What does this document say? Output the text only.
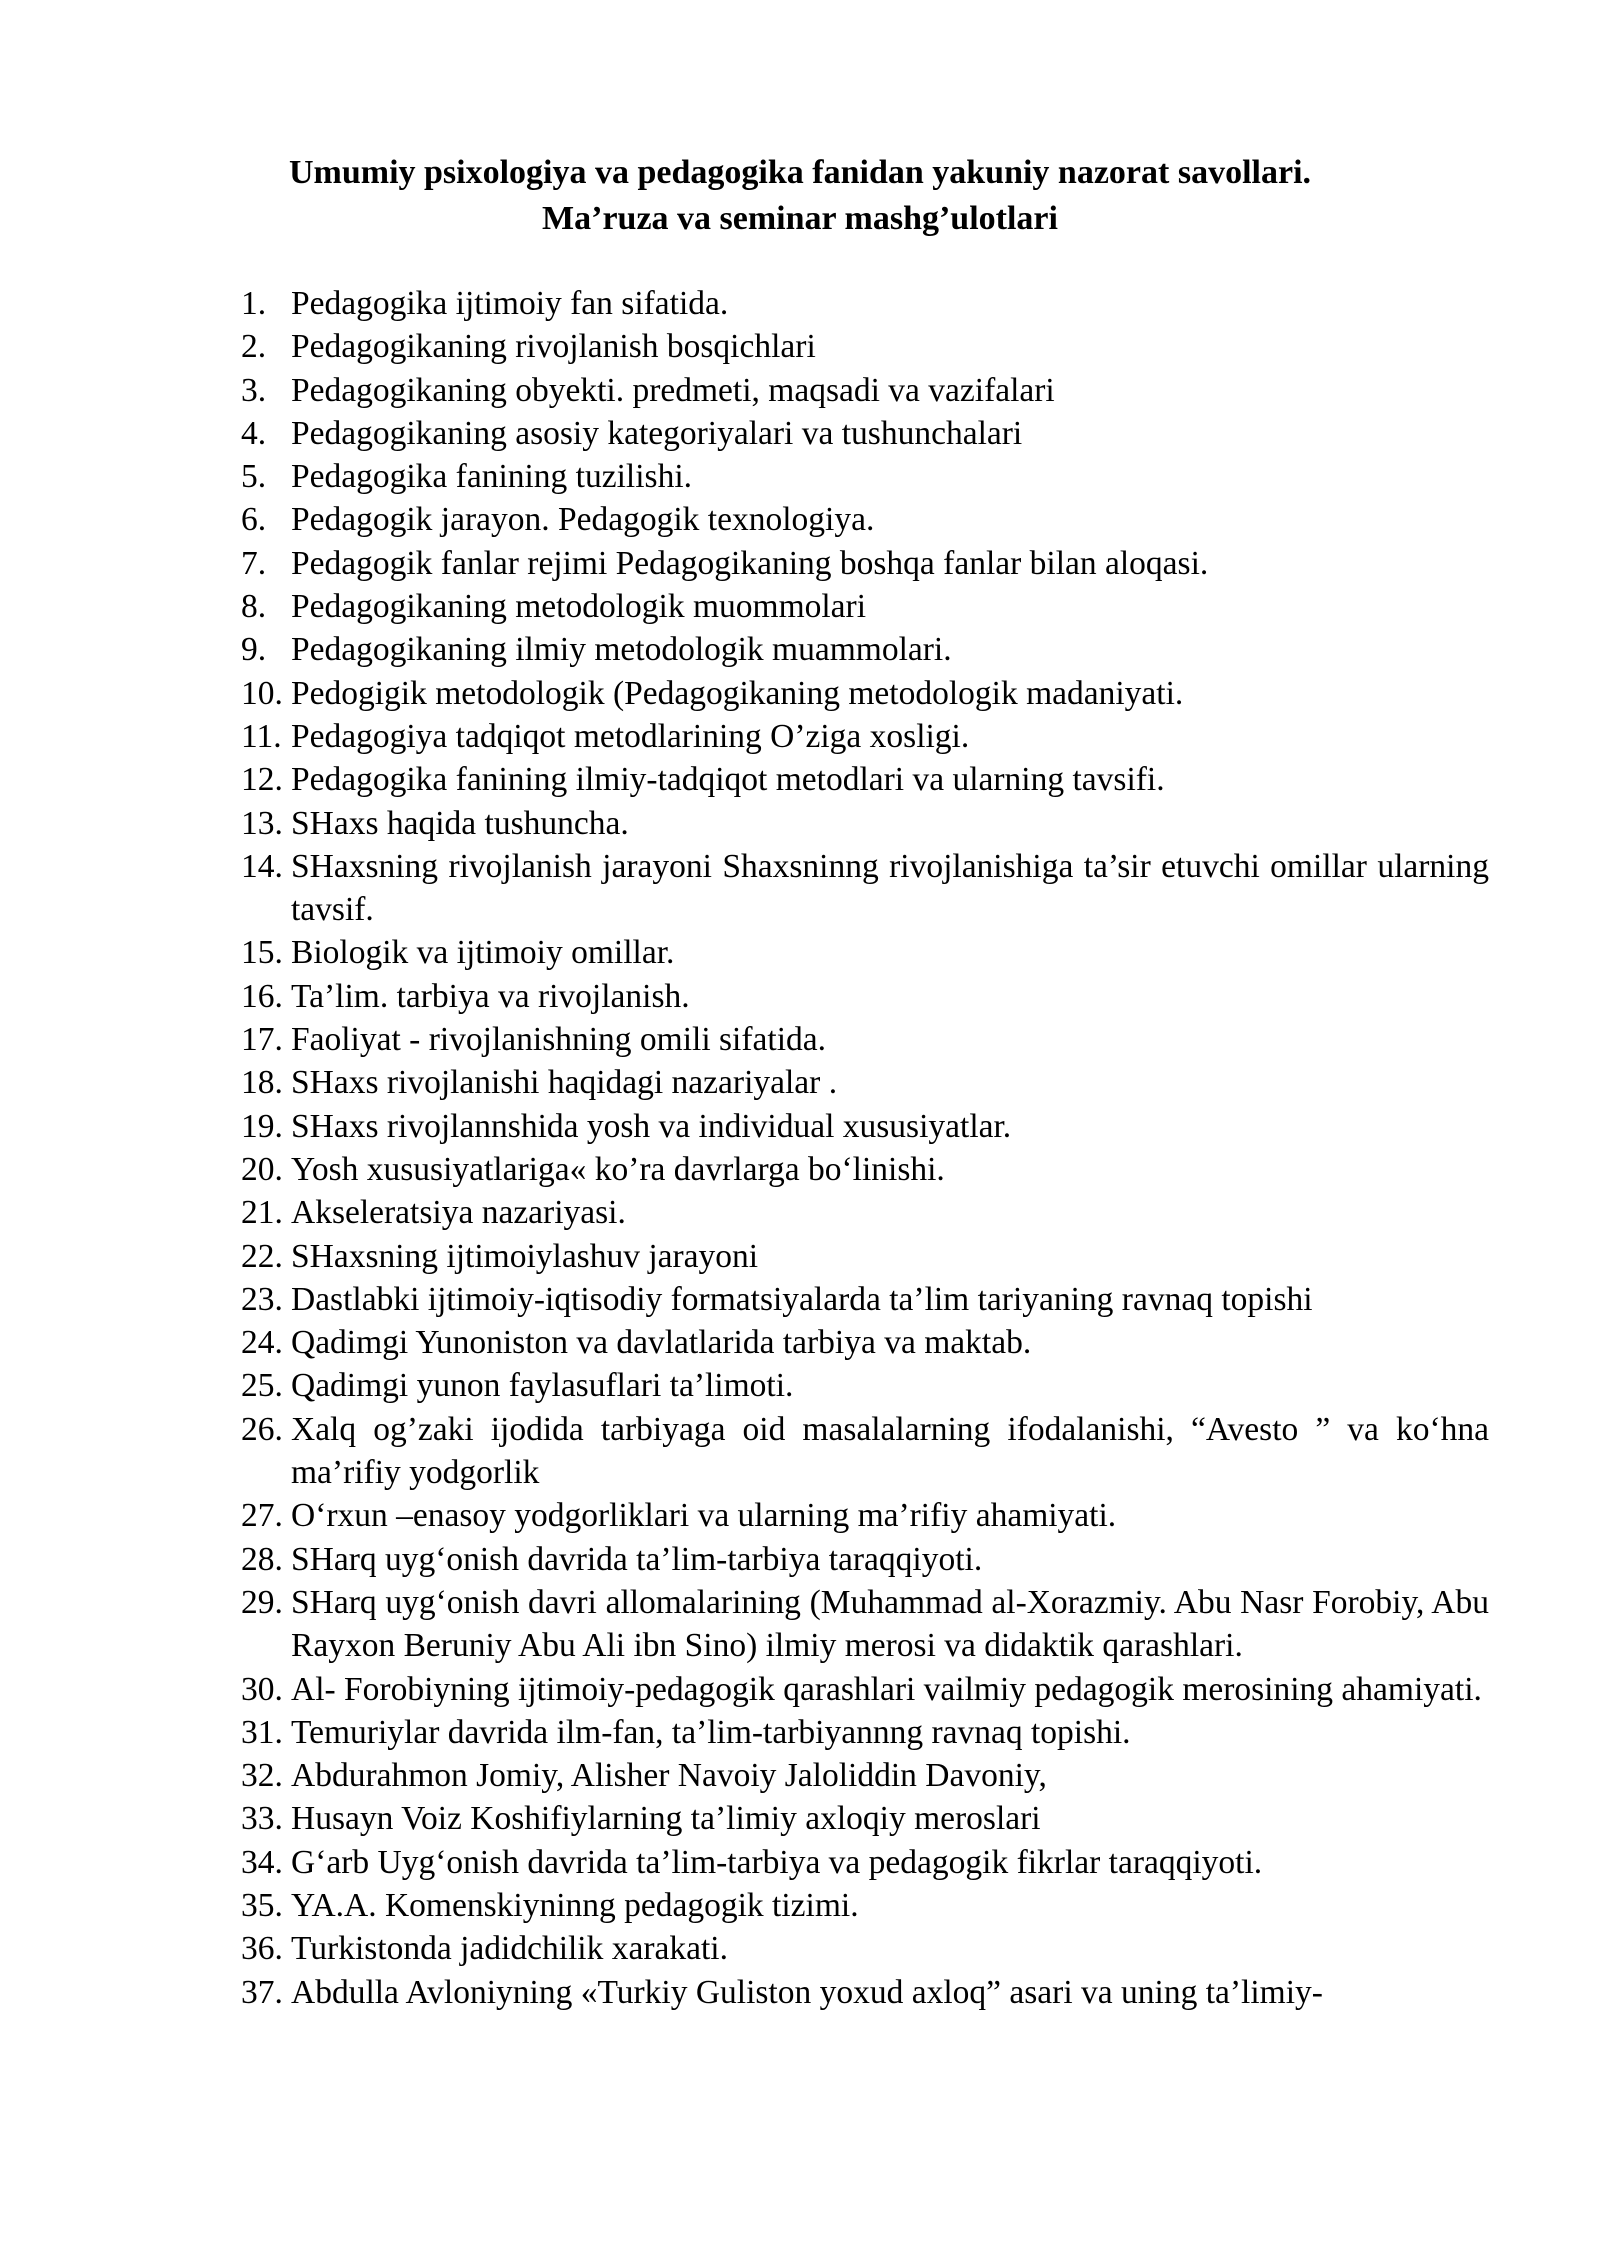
Umumiy psixologiya va pedagogika fanidan yakuniy nazorat savollari.
Ma’ruza va seminar mashg’ulotlari
1. Pedagogika ijtimoiy fan sifatida.
2. Pedagogikaning rivojlanish bosqichlari
3. Pedagogikaning obyekti. predmeti, maqsadi va vazifalari
4. Pedagogikaning asosiy kategoriyalari va tushunchalari
5. Pedagogika fanining tuzilishi.
6. Pedagogik jarayon. Pedagogik texnologiya.
7. Pedagogik fanlar rejimi Pedagogikaning boshqa fanlar bilan aloqasi.
8. Pedagogikaning metodologik muommolari
9. Pedagogikaning ilmiy metodologik muammolari.
10. Pedogigik metodologik (Pedagogikaning metodologik madaniyati.
11. Pedagogiya tadqiqot metodlarining O’ziga xosligi.
12. Pedagogika fanining ilmiy-tadqiqot metodlari va ularning tavsifi.
13. SHaxs haqida tushuncha.
14. SHaxsning rivojlanish jarayoni Shaxsninng rivojlanishiga ta’sir etuvchi omillar ularning tavsif.
15. Biologik va ijtimoiy omillar.
16. Ta’lim. tarbiya va rivojlanish.
17. Faoliyat - rivojlanishning omili sifatida.
18. SHaxs rivojlanishi haqidagi nazariyalar .
19. SHaxs rivojlannshida yosh va individual xususiyatlar.
20. Yosh xususiyatlariga« ko’ra davrlarga bo‘linishi.
21. Akseleratsiya nazariyasi.
22. SHaxsning ijtimoiylashuv jarayoni
23. Dastlabki ijtimoiy-iqtisodiy formatsiyalarda ta’lim tariyaning ravnaq topishi
24. Qadimgi Yunoniston va davlatlarida tarbiya va maktab.
25. Qadimgi yunon faylasuflari ta’limoti.
26. Xalq og’zaki ijodida tarbiyaga oid masalalarning ifodalanishi, “Avesto ” va ko‘hna ma’rifiy yodgorlik
27. O‘rxun –enasoy yodgorliklari va ularning ma’rifiy ahamiyati.
28. SHarq uyg‘onish davrida ta’lim-tarbiya taraqqiyoti.
29. SHarq uyg‘onish davri allomalarining (Muhammad al-Xorazmiy. Abu Nasr Forobiy, Abu Rayxon Beruniy Abu Ali ibn Sino) ilmiy merosi va didaktik qarashlari.
30. Al- Forobiyning ijtimoiy-pedagogik qarashlari vailmiy pedagogik merosining ahamiyati.
31. Temuriylar davrida ilm-fan, ta’lim-tarbiyannng ravnaq topishi.
32. Abdurahmon Jomiy, Alisher Navoiy Jaloliddin Davoniy,
33. Husayn Voiz Koshifiylarning ta’limiy axloqiy meroslari
34. G‘arb Uyg‘onish davrida ta’lim-tarbiya va pedagogik fikrlar taraqqiyoti.
35. YA.A. Komenskiyninng pedagogik tizimi.
36. Turkistonda jadidchilik xarakati.
37. Abdulla Avloniyning «Turkiy Guliston yoxud axloq” asari va uning ta’limiy-
